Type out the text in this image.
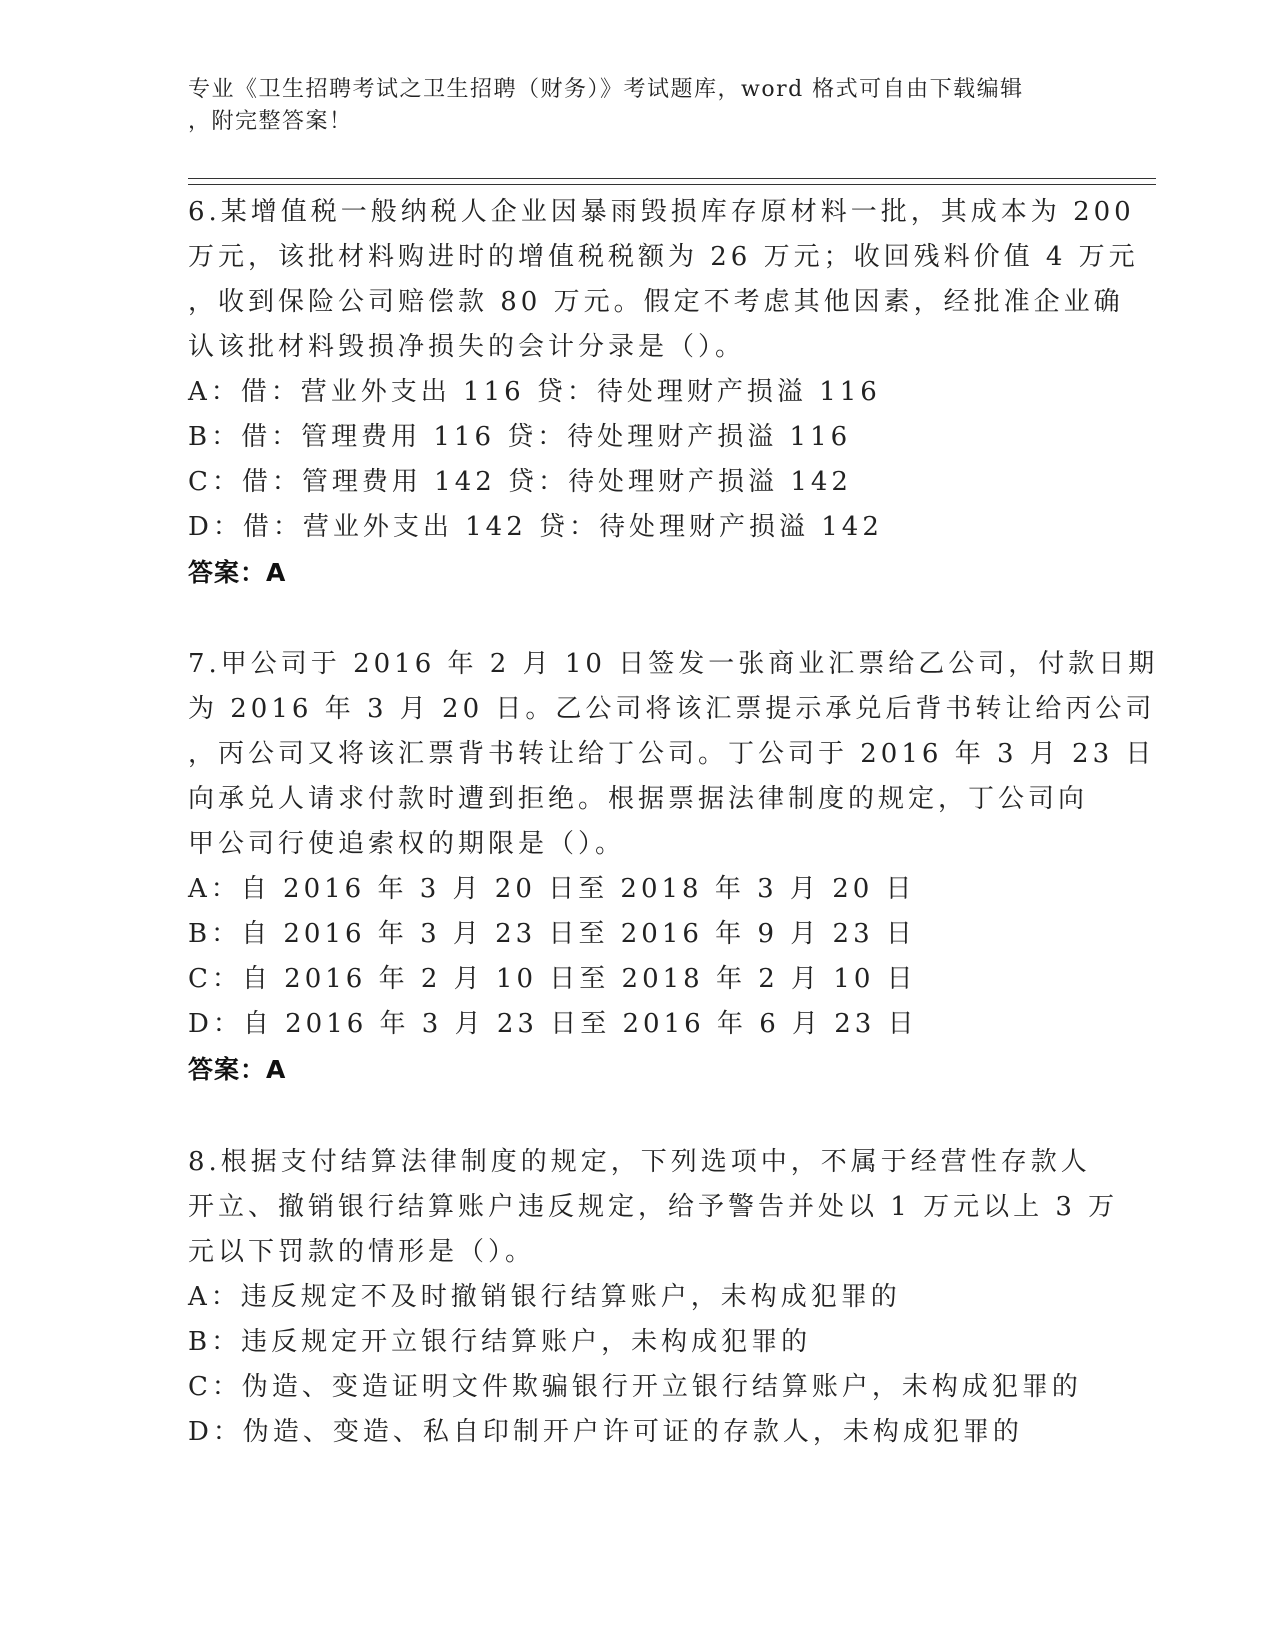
专业《卫生招聘考试之卫生招聘（财务）》考试题库，word 格式可自由下载编辑
，附完整答案！
6.某增值税一般纳税人企业因暴雨毁损库存原材料一批，其成本为 200
万元，该批材料购进时的增值税税额为 26 万元；收回残料价值 4 万元
，收到保险公司赔偿款 80 万元。假定不考虑其他因素，经批准企业确
认该批材料毁损净损失的会计分录是（）。
A：借：营业外支出 116 贷：待处理财产损溢 116
B：借：管理费用 116 贷：待处理财产损溢 116
C：借：管理费用 142 贷：待处理财产损溢 142
D：借：营业外支出 142 贷：待处理财产损溢 142
答案：A
7.甲公司于 2016 年 2 月 10 日签发一张商业汇票给乙公司，付款日期
为 2016 年 3 月 20 日。乙公司将该汇票提示承兑后背书转让给丙公司
，丙公司又将该汇票背书转让给丁公司。丁公司于 2016 年 3 月 23 日
向承兑人请求付款时遭到拒绝。根据票据法律制度的规定，丁公司向
甲公司行使追索权的期限是（）。
A：自 2016 年 3 月 20 日至 2018 年 3 月 20 日
B：自 2016 年 3 月 23 日至 2016 年 9 月 23 日
C：自 2016 年 2 月 10 日至 2018 年 2 月 10 日
D：自 2016 年 3 月 23 日至 2016 年 6 月 23 日
答案：A
8.根据支付结算法律制度的规定，下列选项中，不属于经营性存款人
开立、撤销银行结算账户违反规定，给予警告并处以 1 万元以上 3 万
元以下罚款的情形是（）。
A：违反规定不及时撤销银行结算账户，未构成犯罪的
B：违反规定开立银行结算账户，未构成犯罪的
C：伪造、变造证明文件欺骗银行开立银行结算账户，未构成犯罪的
D：伪造、变造、私自印制开户许可证的存款人，未构成犯罪的
